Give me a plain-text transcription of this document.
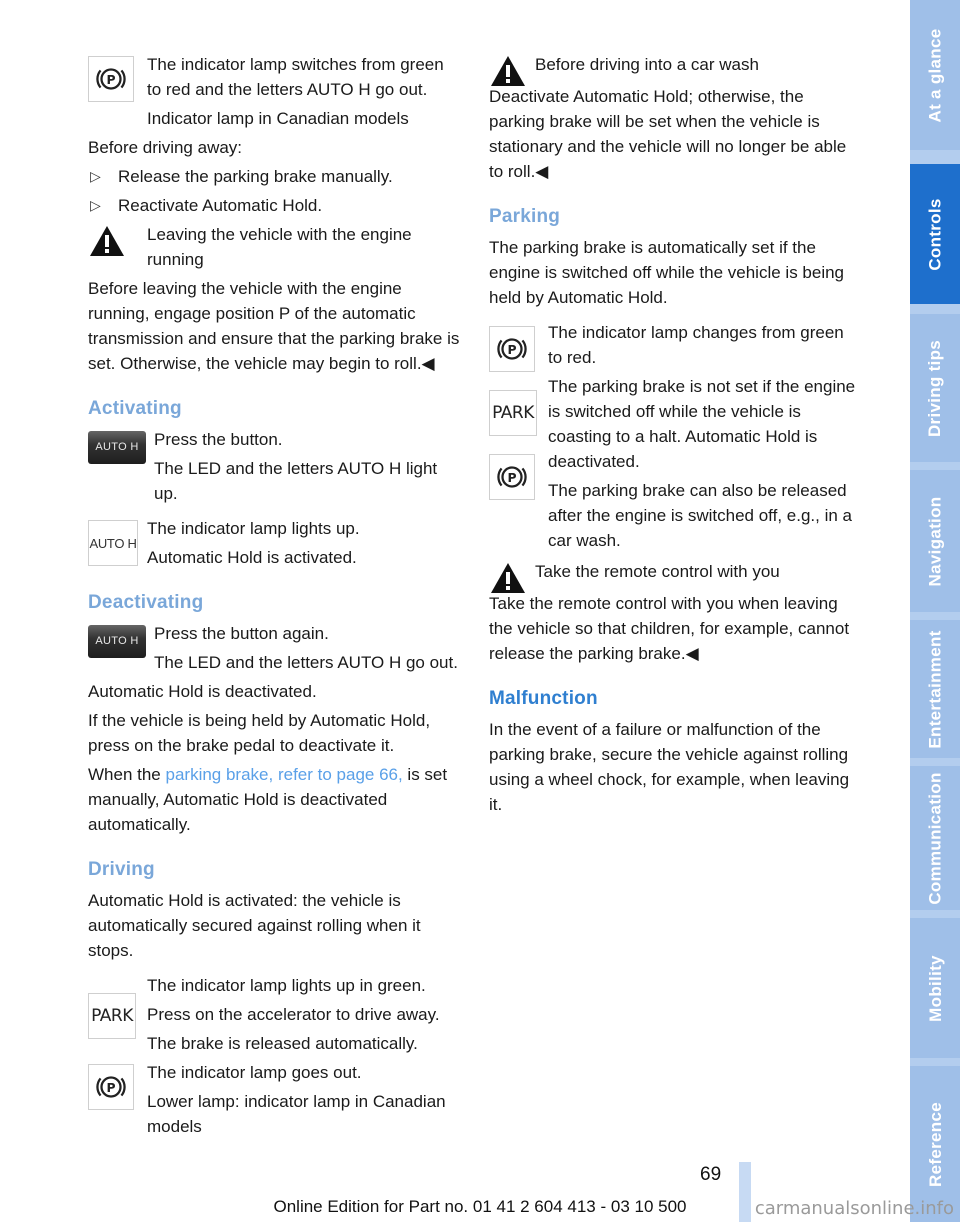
The indicator lamp switches from green to red and the letters AUTO H go out.

Indicator lamp in Canadian models

Before driving away:

▷ Release the parking brake manually.
▷ Reactivate Automatic Hold.

Leaving the vehicle with the engine running

Before leaving the vehicle with the engine running, engage position P of the automatic transmission and ensure that the parking brake is set. Otherwise, the vehicle may begin to roll.◀

Activating
AUTO H Press the button.

The LED and the letters AUTO H light up.

AUTO H

The indicator lamp lights up.

Automatic Hold is activated.

Deactivating
AUTO H Press the button again.

The LED and the letters AUTO H go out.

Automatic Hold is deactivated.

If the vehicle is being held by Automatic Hold, press on the brake pedal to deactivate it.

When the parking brake, refer to page 66, is set manually, Automatic Hold is deactivated automatically.

Driving

Automatic Hold is activated: the vehicle is automatically secured against rolling when it stops.

PARK

The indicator lamp lights up in green.

Press on the accelerator to drive away.

The brake is released automatically.

The indicator lamp goes out.

Lower lamp: indicator lamp in Canadian models

Before driving into a car wash

Deactivate Automatic Hold; otherwise, the parking brake will be set when the vehicle is stationary and the vehicle will no longer be able to roll.◀

Parking

The parking brake is automatically set if the engine is switched off while the vehicle is being held by Automatic Hold.

PARK

The indicator lamp changes from green to red.

The parking brake is not set if the engine is switched off while the vehicle is coasting to a halt. Automatic Hold is deactivated.

The parking brake can also be released after the engine is switched off, e.g., in a car wash.

Take the remote control with you

Take the remote control with you when leaving the vehicle so that children, for example, cannot release the parking brake.◀

Malfunction

In the event of a failure or malfunction of the parking brake, secure the vehicle against rolling using a wheel chock, for example, when leaving it.

At a glance
Controls
Driving tips
Navigation
Entertainment
Communication
Mobility
Reference
69
Online Edition for Part no. 01 41 2 604 413 - 03 10 500	carmanualsonline.info
